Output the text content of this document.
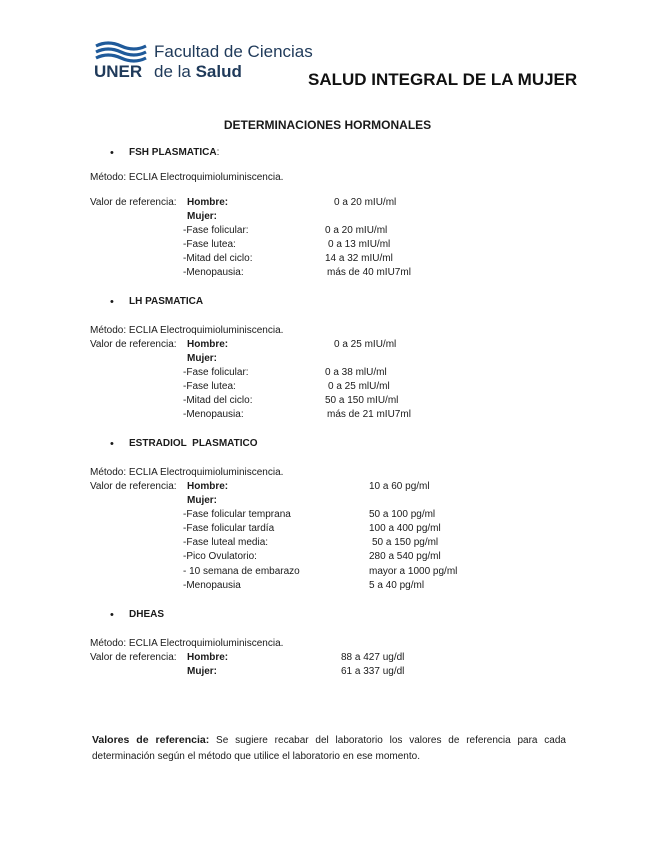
Facultad de Ciencias
UNER de la Salud	SALUD INTEGRAL DE LA MUJER
DETERMINACIONES HORMONALES
• FSH PLASMATICA:
Método: ECLIA Electroquimioluminiscencia.
Valor de referencia: Hombre:	0 a 20 mIU/ml
Mujer:
-Fase folicular:	0 a 20 mIU/ml
-Fase lutea:	0 a 13 mIU/ml
-Mitad del ciclo:	14 a 32 mIU/ml
-Menopausia:	más de 40 mIU7ml
• LH PASMATICA
Método: ECLIA Electroquimioluminiscencia.
Valor de referencia: Hombre:	0 a 25 mIU/ml
Mujer:
-Fase folicular:	0 a 38 mlU/ml
-Fase lutea:	0 a 25 mlU/ml
-Mitad del ciclo:	50 a 150 mIU/ml
-Menopausia:	más de 21 mIU7ml
• ESTRADIOL  PLASMATICO
Método: ECLIA Electroquimioluminiscencia.
Valor de referencia: Hombre:	10 a 60 pg/ml
Mujer:
-Fase folicular temprana	50 a 100 pg/ml
-Fase folicular tardía	100 a 400 pg/ml
-Fase luteal media:	50 a 150 pg/ml
-Pico Ovulatorio:	280 a 540 pg/ml
- 10 semana de embarazo	mayor a 1000 pg/ml
-Menopausia	5 a 40 pg/ml
• DHEAS
Método: ECLIA Electroquimioluminiscencia.
Valor de referencia: Hombre:	88 a 427 ug/dl
Mujer:	61 a 337 ug/dl
Valores de referencia: Se sugiere recabar del laboratorio los valores de referencia para cada determinación según el método que utilice el laboratorio en ese momento.
